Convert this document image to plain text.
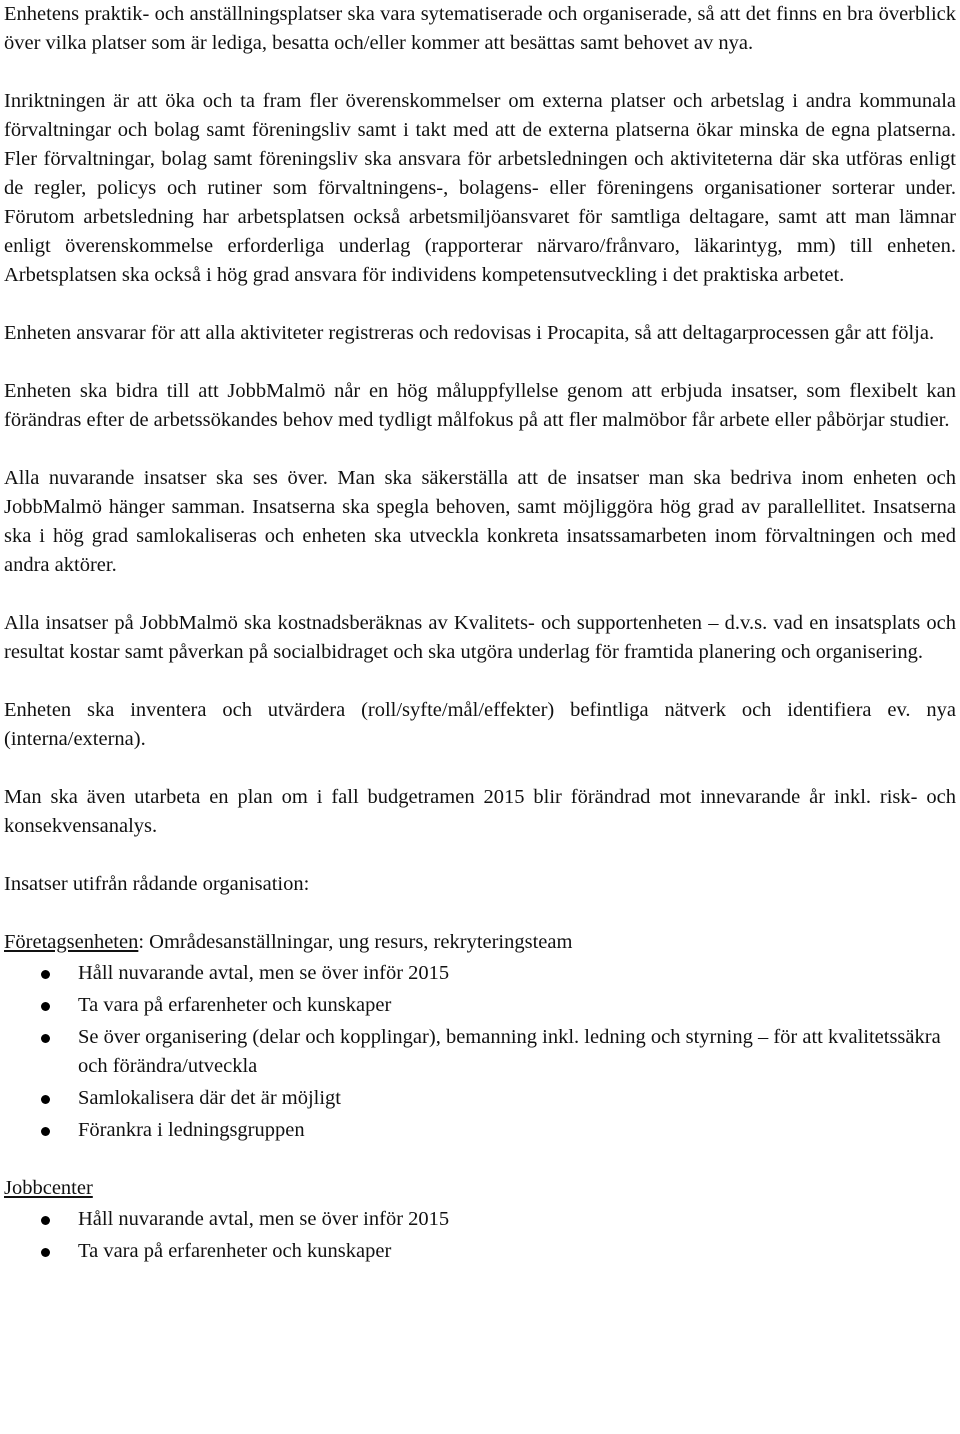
Enhetens praktik- och anställningsplatser ska vara sytematiserade och organiserade, så att det finns en bra överblick över vilka platser som är lediga, besatta och/eller kommer att besättas samt behovet av nya.

Inriktningen är att öka och ta fram fler överenskommelser om externa platser och arbetslag i andra kommunala förvaltningar och bolag samt föreningsliv samt i takt med att de externa platserna ökar minska de egna platserna. Fler förvaltningar, bolag samt föreningsliv ska ansvara för arbetsledningen och aktiviteterna där ska utföras enligt de regler, policys och rutiner som förvaltningens-, bolagens- eller föreningens organisationer sorterar under. Förutom arbetsledning har arbetsplatsen också arbetsmiljöansvaret för samtliga deltagare, samt att man lämnar enligt överenskommelse erforderliga underlag (rapporterar närvaro/frånvaro, läkarintyg, mm) till enheten. Arbetsplatsen ska också i hög grad ansvara för individens kompetensutveckling i det praktiska arbetet.

Enheten ansvarar för att alla aktiviteter registreras och redovisas i Procapita, så att deltagarprocessen går att följa.

Enheten ska bidra till att JobbMalmö når en hög måluppfyllelse genom att erbjuda insatser, som flexibelt kan förändras efter de arbetssökandes behov med tydligt målfokus på att fler malmöbor får arbete eller påbörjar studier.

Alla nuvarande insatser ska ses över. Man ska säkerställa att de insatser man ska bedriva inom enheten och JobbMalmö hänger samman. Insatserna ska spegla behoven, samt möjliggöra hög grad av parallellitet. Insatserna ska i hög grad samlokaliseras och enheten ska utveckla konkreta insatssamarbeten inom förvaltningen och med andra aktörer.

Alla insatser på JobbMalmö ska kostnadsberäknas av Kvalitets- och supportenheten – d.v.s. vad en insatsplats och resultat kostar samt påverkan på socialbidraget och ska utgöra underlag för framtida planering och organisering.

Enheten ska inventera och utvärdera (roll/syfte/mål/effekter) befintliga nätverk och identifiera ev. nya (interna/externa).

Man ska även utarbeta en plan om i fall budgetramen 2015 blir förändrad mot innevarande år inkl. risk- och konsekvensanalys.

Insatser utifrån rådande organisation:

Företagsenheten: Områdesanställningar, ung resurs, rekryteringsteam

Håll nuvarande avtal, men se över inför 2015
Ta vara på erfarenheter och kunskaper
Se över organisering (delar och kopplingar), bemanning inkl. ledning och styrning – för att kvalitetssäkra och förändra/utveckla
Samlokalisera där det är möjligt
Förankra i ledningsgruppen

Jobbcenter

Håll nuvarande avtal, men se över inför 2015
Ta vara på erfarenheter och kunskaper
